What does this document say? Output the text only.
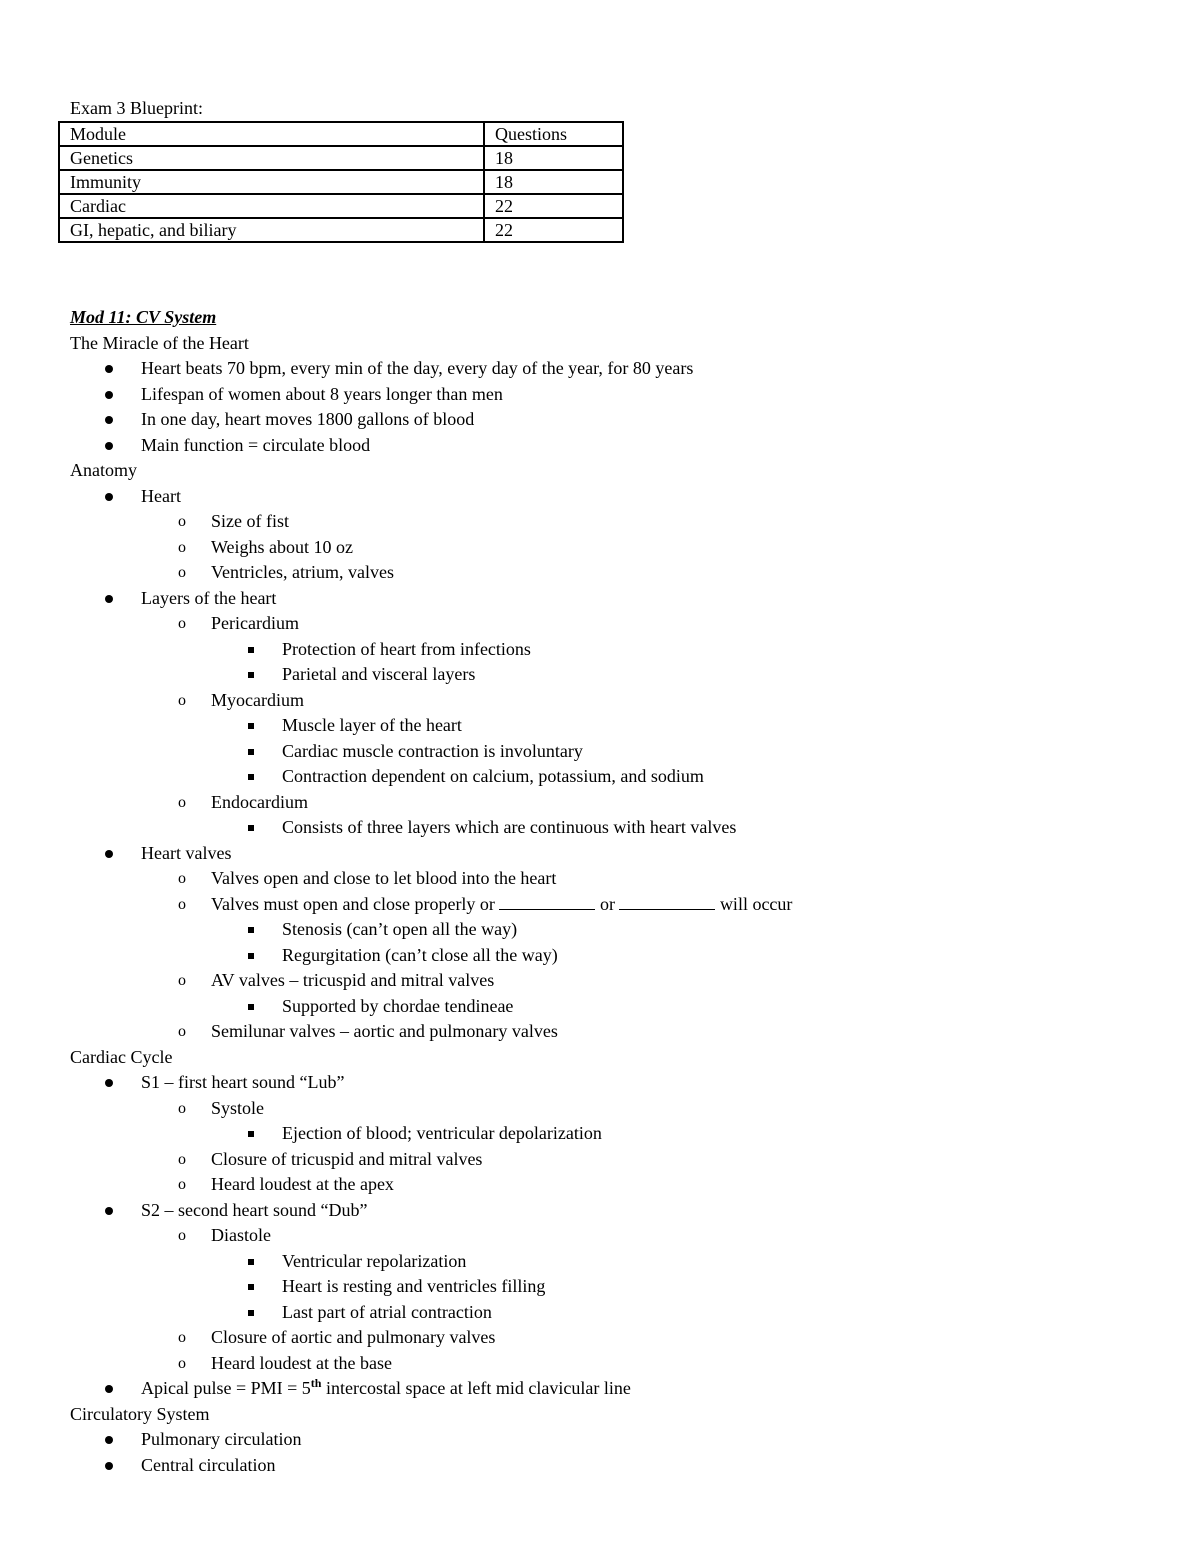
Exam 3 Blueprint:
Module	Questions
Genetics	18
Immunity	18
Cardiac	22
GI, hepatic, and biliary	22
Mod 11: CV System
The Miracle of the Heart
Heart beats 70 bpm, every min of the day, every day of the year, for 80 years
Lifespan of women about 8 years longer than men
In one day, heart moves 1800 gallons of blood
Main function = circulate blood
Anatomy
Heart
o Size of fist
o Weighs about 10 oz
o Ventricles, atrium, valves
Layers of the heart
o Pericardium
Protection of heart from infections
Parietal and visceral layers
o Myocardium
Muscle layer of the heart
Cardiac muscle contraction is involuntary
Contraction dependent on calcium, potassium, and sodium
o Endocardium
Consists of three layers which are continuous with heart valves
Heart valves
o Valves open and close to let blood into the heart
o Valves must open and close properly or	or	will occur
Stenosis (can’t open all the way)
Regurgitation (can’t close all the way)
o AV valves – tricuspid and mitral valves
Supported by chordae tendineae
o Semilunar valves – aortic and pulmonary valves
Cardiac Cycle
S1 – first heart sound “Lub”
o Systole
Ejection of blood; ventricular depolarization
o Closure of tricuspid and mitral valves
o Heard loudest at the apex
S2 – second heart sound “Dub”
o Diastole
Ventricular repolarization
Heart is resting and ventricles filling
Last part of atrial contraction
o Closure of aortic and pulmonary valves
o Heard loudest at the base
Apical pulse = PMI = 5th intercostal space at left mid clavicular line
Circulatory System
Pulmonary circulation
Central circulation
